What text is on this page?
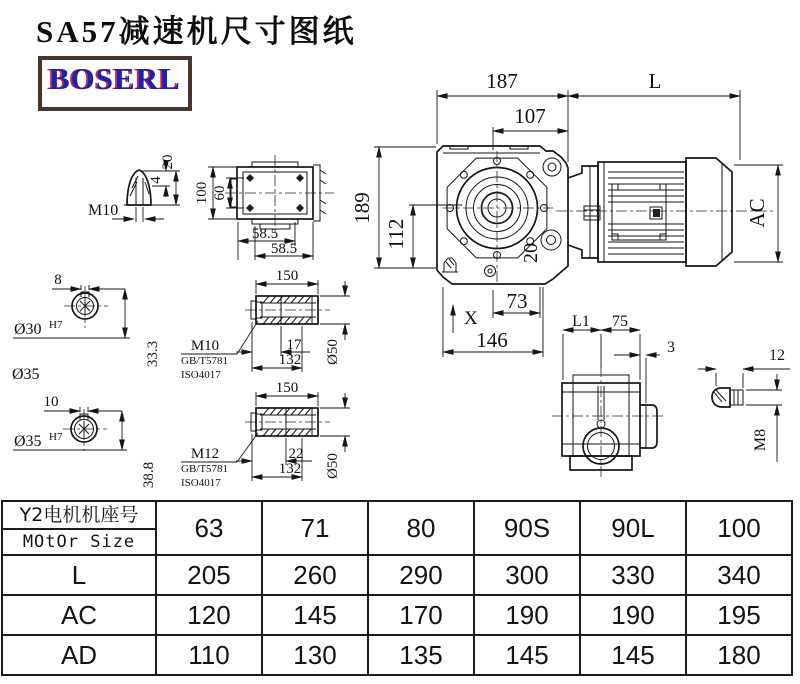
SA57减速机尺寸图纸
BOSERL	187	L
107
189
112
AC
20
73
X
146
M10
4
20
100 60
58.5
58.5
8
Ø30 H7
33.3
Ø35
10
Ø35 H7
38.8
150
17
132 Ø50
M10
GB/T5781
ISO4017
150
22
132 Ø50
M12
GB/T5781
ISO4017
L1 75
3	12
M8
Y2电机机座号
MOtOr Size	63	71	80	90S	90L	100
L	205	260	290	300	330	340
AC	120	145	170	190	190	195
AD	110	130	135	145	145	180
